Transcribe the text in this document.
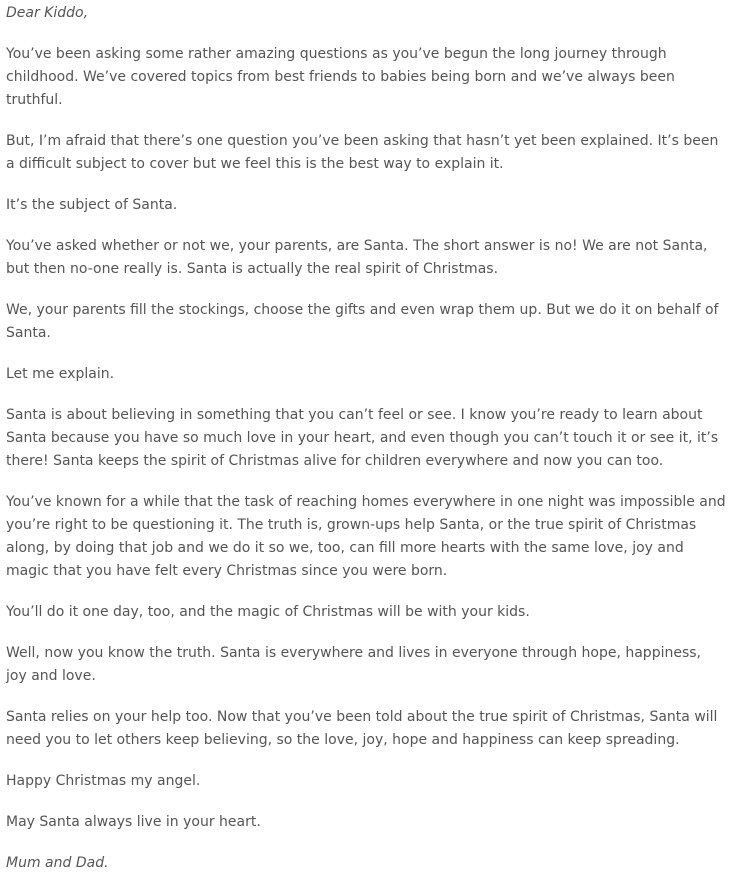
Dear Kiddo,

You’ve been asking some rather amazing questions as you’ve begun the long journey through childhood. We’ve covered topics from best friends to babies being born and we’ve always been truthful.

But, I’m afraid that there’s one question you’ve been asking that hasn’t yet been explained. It’s been a difficult subject to cover but we feel this is the best way to explain it.

It’s the subject of Santa.

You’ve asked whether or not we, your parents, are Santa. The short answer is no! We are not Santa, but then no-one really is. Santa is actually the real spirit of Christmas.

We, your parents fill the stockings, choose the gifts and even wrap them up. But we do it on behalf of Santa.

Let me explain.

Santa is about believing in something that you can’t feel or see. I know you’re ready to learn about Santa because you have so much love in your heart, and even though you can’t touch it or see it, it’s there! Santa keeps the spirit of Christmas alive for children everywhere and now you can too.

You’ve known for a while that the task of reaching homes everywhere in one night was impossible and you’re right to be questioning it. The truth is, grown-ups help Santa, or the true spirit of Christmas along, by doing that job and we do it so we, too, can fill more hearts with the same love, joy and magic that you have felt every Christmas since you were born.

You’ll do it one day, too, and the magic of Christmas will be with your kids.

Well, now you know the truth. Santa is everywhere and lives in everyone through hope, happiness, joy and love.

Santa relies on your help too. Now that you’ve been told about the true spirit of Christmas, Santa will need you to let others keep believing, so the love, joy, hope and happiness can keep spreading.

Happy Christmas my angel.

May Santa always live in your heart.

Mum and Dad.
